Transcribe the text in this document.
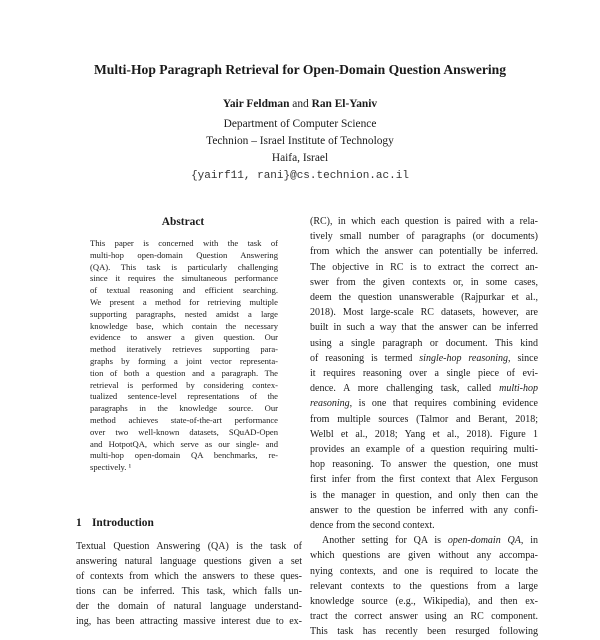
Multi-Hop Paragraph Retrieval for Open-Domain Question Answering
Yair Feldman and Ran El-Yaniv
Department of Computer Science
Technion – Israel Institute of Technology
Haifa, Israel
{yairf11, rani}@cs.technion.ac.il
Abstract
This paper is concerned with the task of
multi-hop open-domain Question Answering
(QA). This task is particularly challenging
since it requires the simultaneous performance
of textual reasoning and efficient searching.
We present a method for retrieving multiple
supporting paragraphs, nested amidst a large
knowledge base, which contain the necessary
evidence to answer a given question. Our
method iteratively retrieves supporting para-
graphs by forming a joint vector representa-
tion of both a question and a paragraph. The
retrieval is performed by considering contex-
tualized sentence-level representations of the
paragraphs in the knowledge source. Our
method achieves state-of-the-art performance
over two well-known datasets, SQuAD-Open
and HotpotQA, which serve as our single- and
multi-hop open-domain QA benchmarks, re-
spectively. ¹
1 Introduction
Textual Question Answering (QA) is the task of
answering natural language questions given a set
of contexts from which the answers to these ques-
tions can be inferred. This task, which falls un-
der the domain of natural language understand-
ing, has been attracting massive interest due to ex-
(RC), in which each question is paired with a rela-
tively small number of paragraphs (or documents)
from which the answer can potentially be inferred.
The objective in RC is to extract the correct an-
swer from the given contexts or, in some cases,
deem the question unanswerable (Rajpurkar et al.,
2018). Most large-scale RC datasets, however, are
built in such a way that the answer can be inferred
using a single paragraph or document. This kind
of reasoning is termed single-hop reasoning, since
it requires reasoning over a single piece of evi-
dence. A more challenging task, called multi-hop
reasoning, is one that requires combining evidence
from multiple sources (Talmor and Berant, 2018;
Welbl et al., 2018; Yang et al., 2018). Figure 1
provides an example of a question requiring multi-
hop reasoning. To answer the question, one must
first infer from the first context that Alex Ferguson
is the manager in question, and only then can the
answer to the question be inferred with any confi-
dence from the second context.
Another setting for QA is open-domain QA, in
which questions are given without any accompa-
nying contexts, and one is required to locate the
relevant contexts to the questions from a large
knowledge source (e.g., Wikipedia), and then ex-
tract the correct answer using an RC component.
This task has recently been resurged following
